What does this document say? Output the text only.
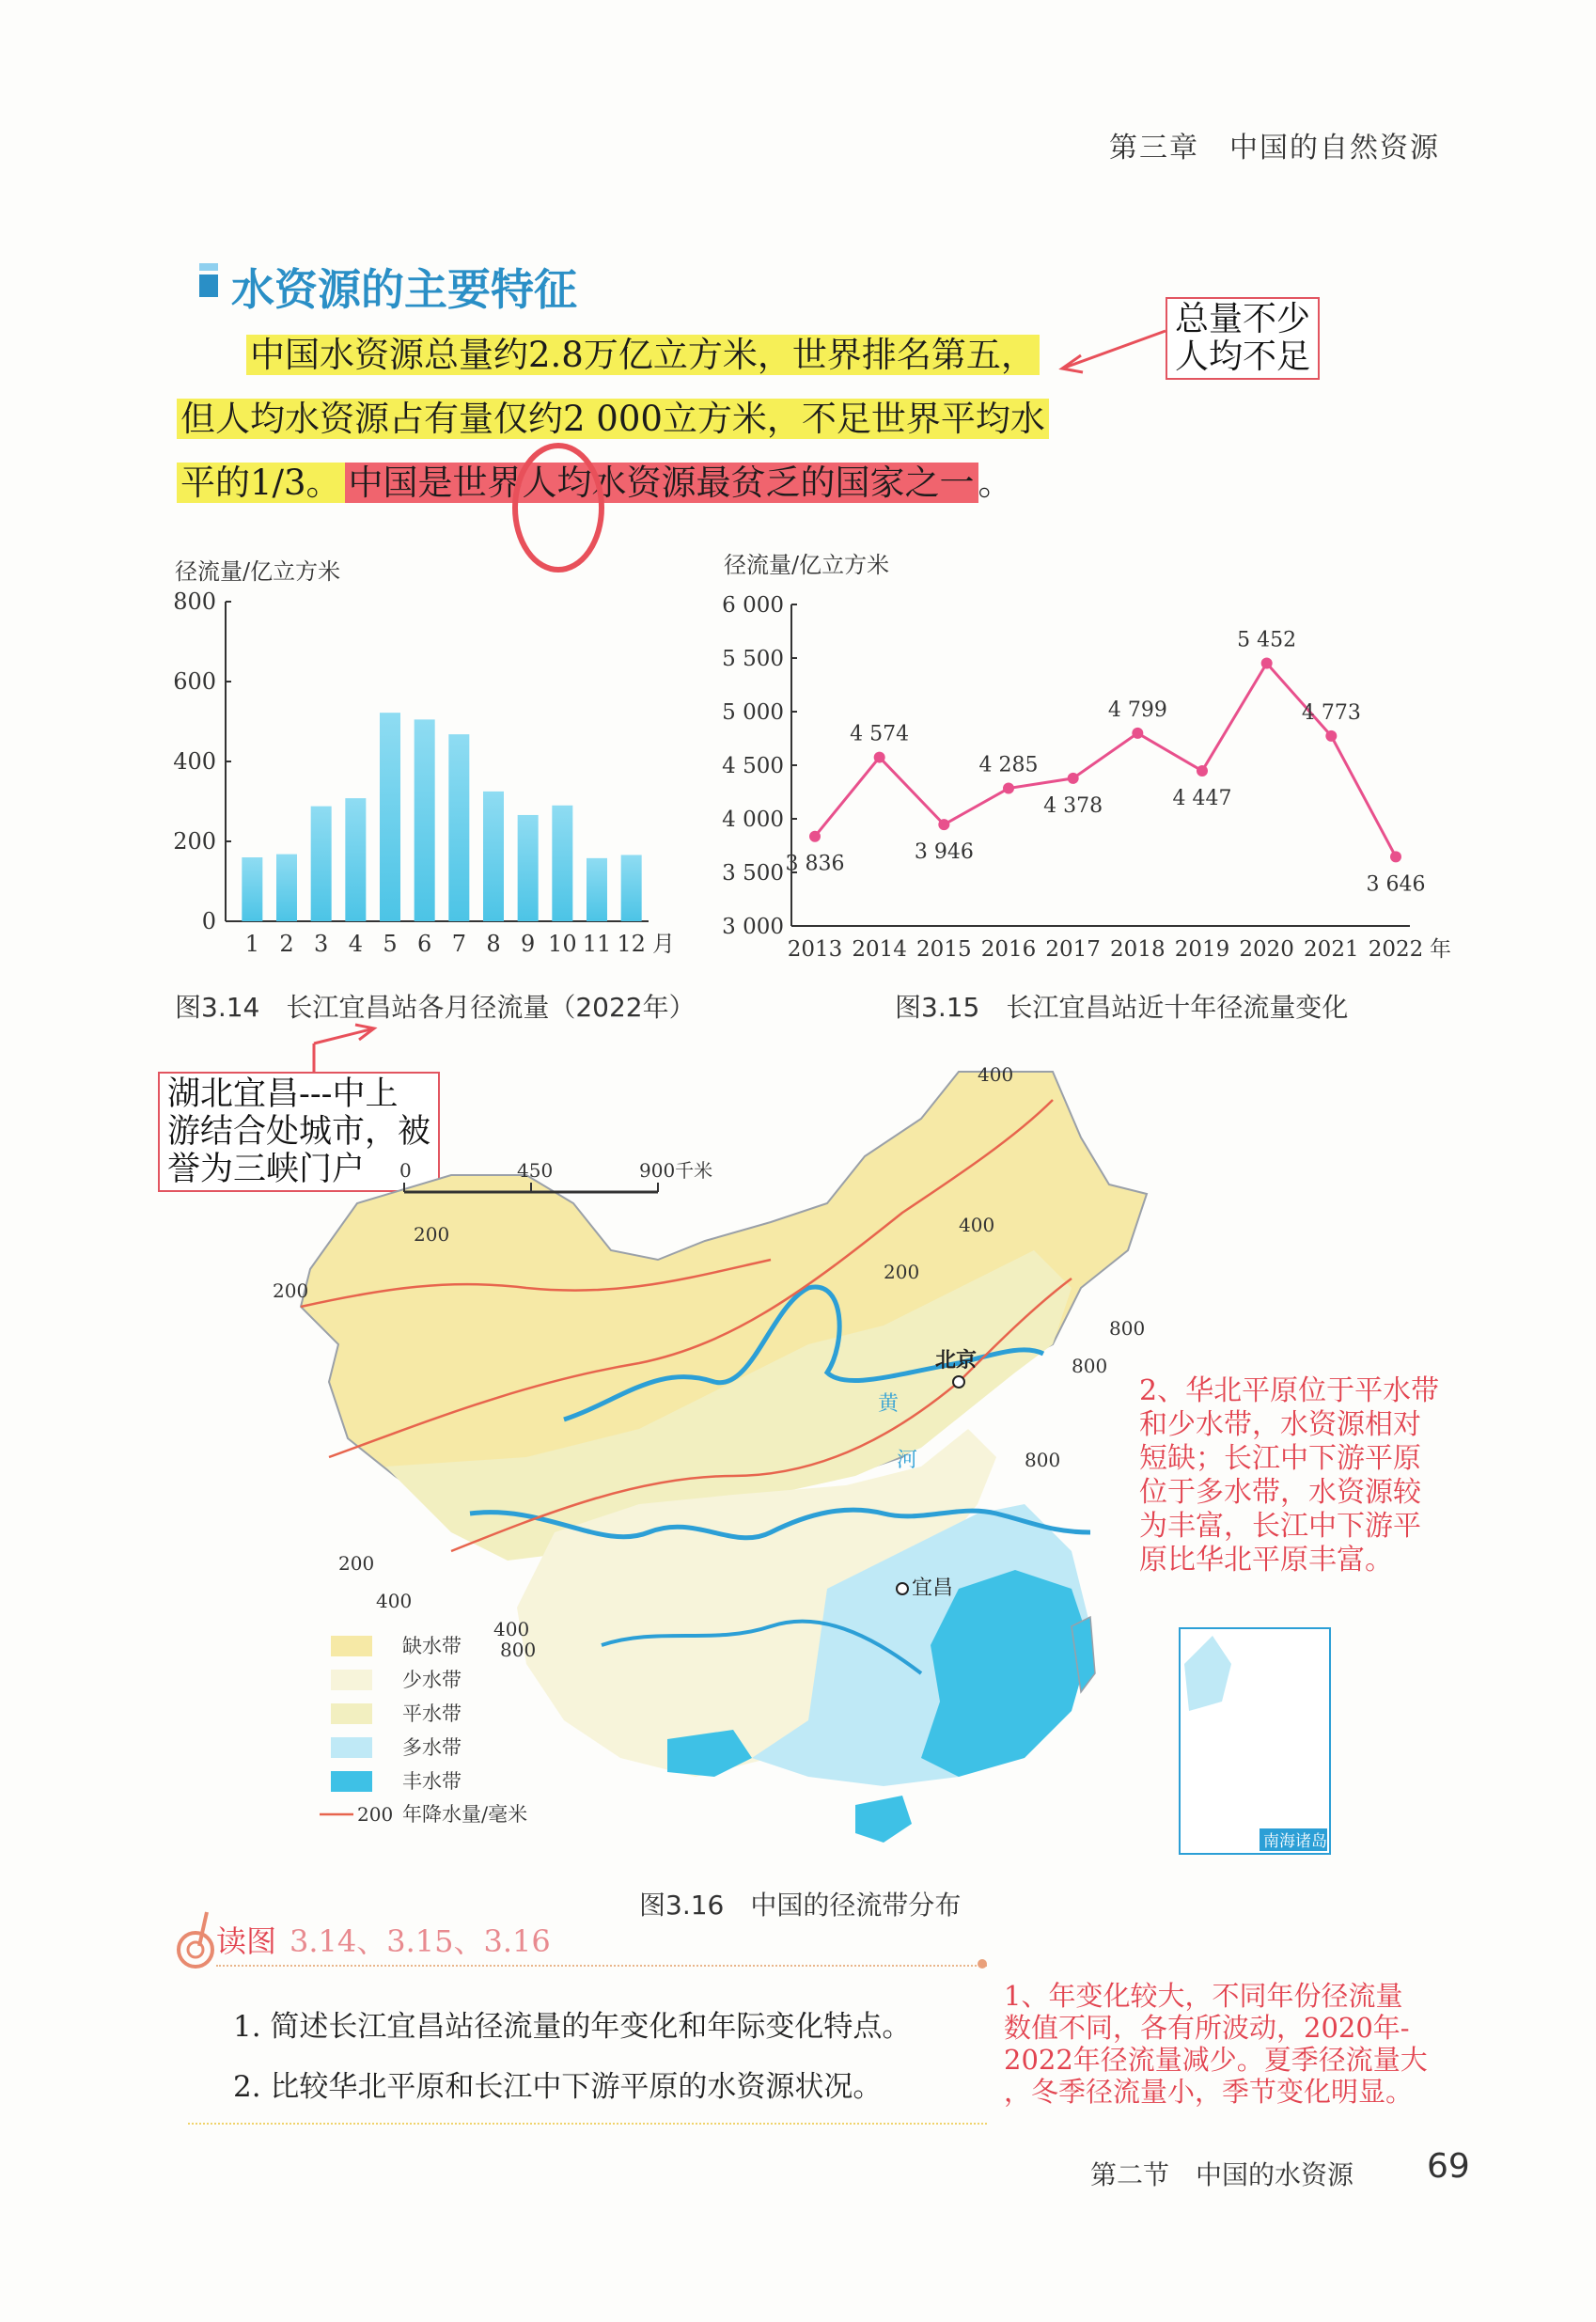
第三章　中国的自然资源
水资源的主要特征
中国水资源总量约2.8万亿立方米，世界排名第五，
但人均水资源占有量仅约2 000立方米，不足世界平均水
平的1/3。 中国是世界人均水资源最贫乏的国家之一 。
总量不少
人均不足
湖北宜昌---中上
游结合处城市，被
誉为三峡门户
径流量/亿立方米
0
200
400
600
800
1 2 3 4 5 6 7 8 9 10 11 12 月
图3.14　长江宜昌站各月径流量（2022年）
径流量/亿立方米
3 000
3 500
4 000
4 500
5 000
5 500
6 000
3 836
2013
4 574
2014
3 946
2015
4 285
2016
4 378
2017
4 799
2018
4 447
2019
5 452
2020
4 773
2021
3 646
2022 年
图3.15　长江宜昌站近十年径流量变化
400
400
200
200
200
800
800
800
200
400
400
800
0	450	900千米
北京
宜昌
黄
河
200
缺水带
少水带
平水带
多水带
丰水带
年降水量/毫米
南海诸岛
图3.16　中国的径流带分布
2、华北平原位于平水带
和少水带，水资源相对
短缺；长江中下游平原
位于多水带，水资源较
为丰富，长江中下游平
原比华北平原丰富。
读图 3.14、3.15、3.16
1. 简述长江宜昌站径流量的年变化和年际变化特点。
2. 比较华北平原和长江中下游平原的水资源状况。
1、年变化较大，不同年份径流量
数值不同，各有所波动，2020年-
2022年径流量减少。夏季径流量大
，冬季径流量小，季节变化明显。
第二节　中国的水资源 69
